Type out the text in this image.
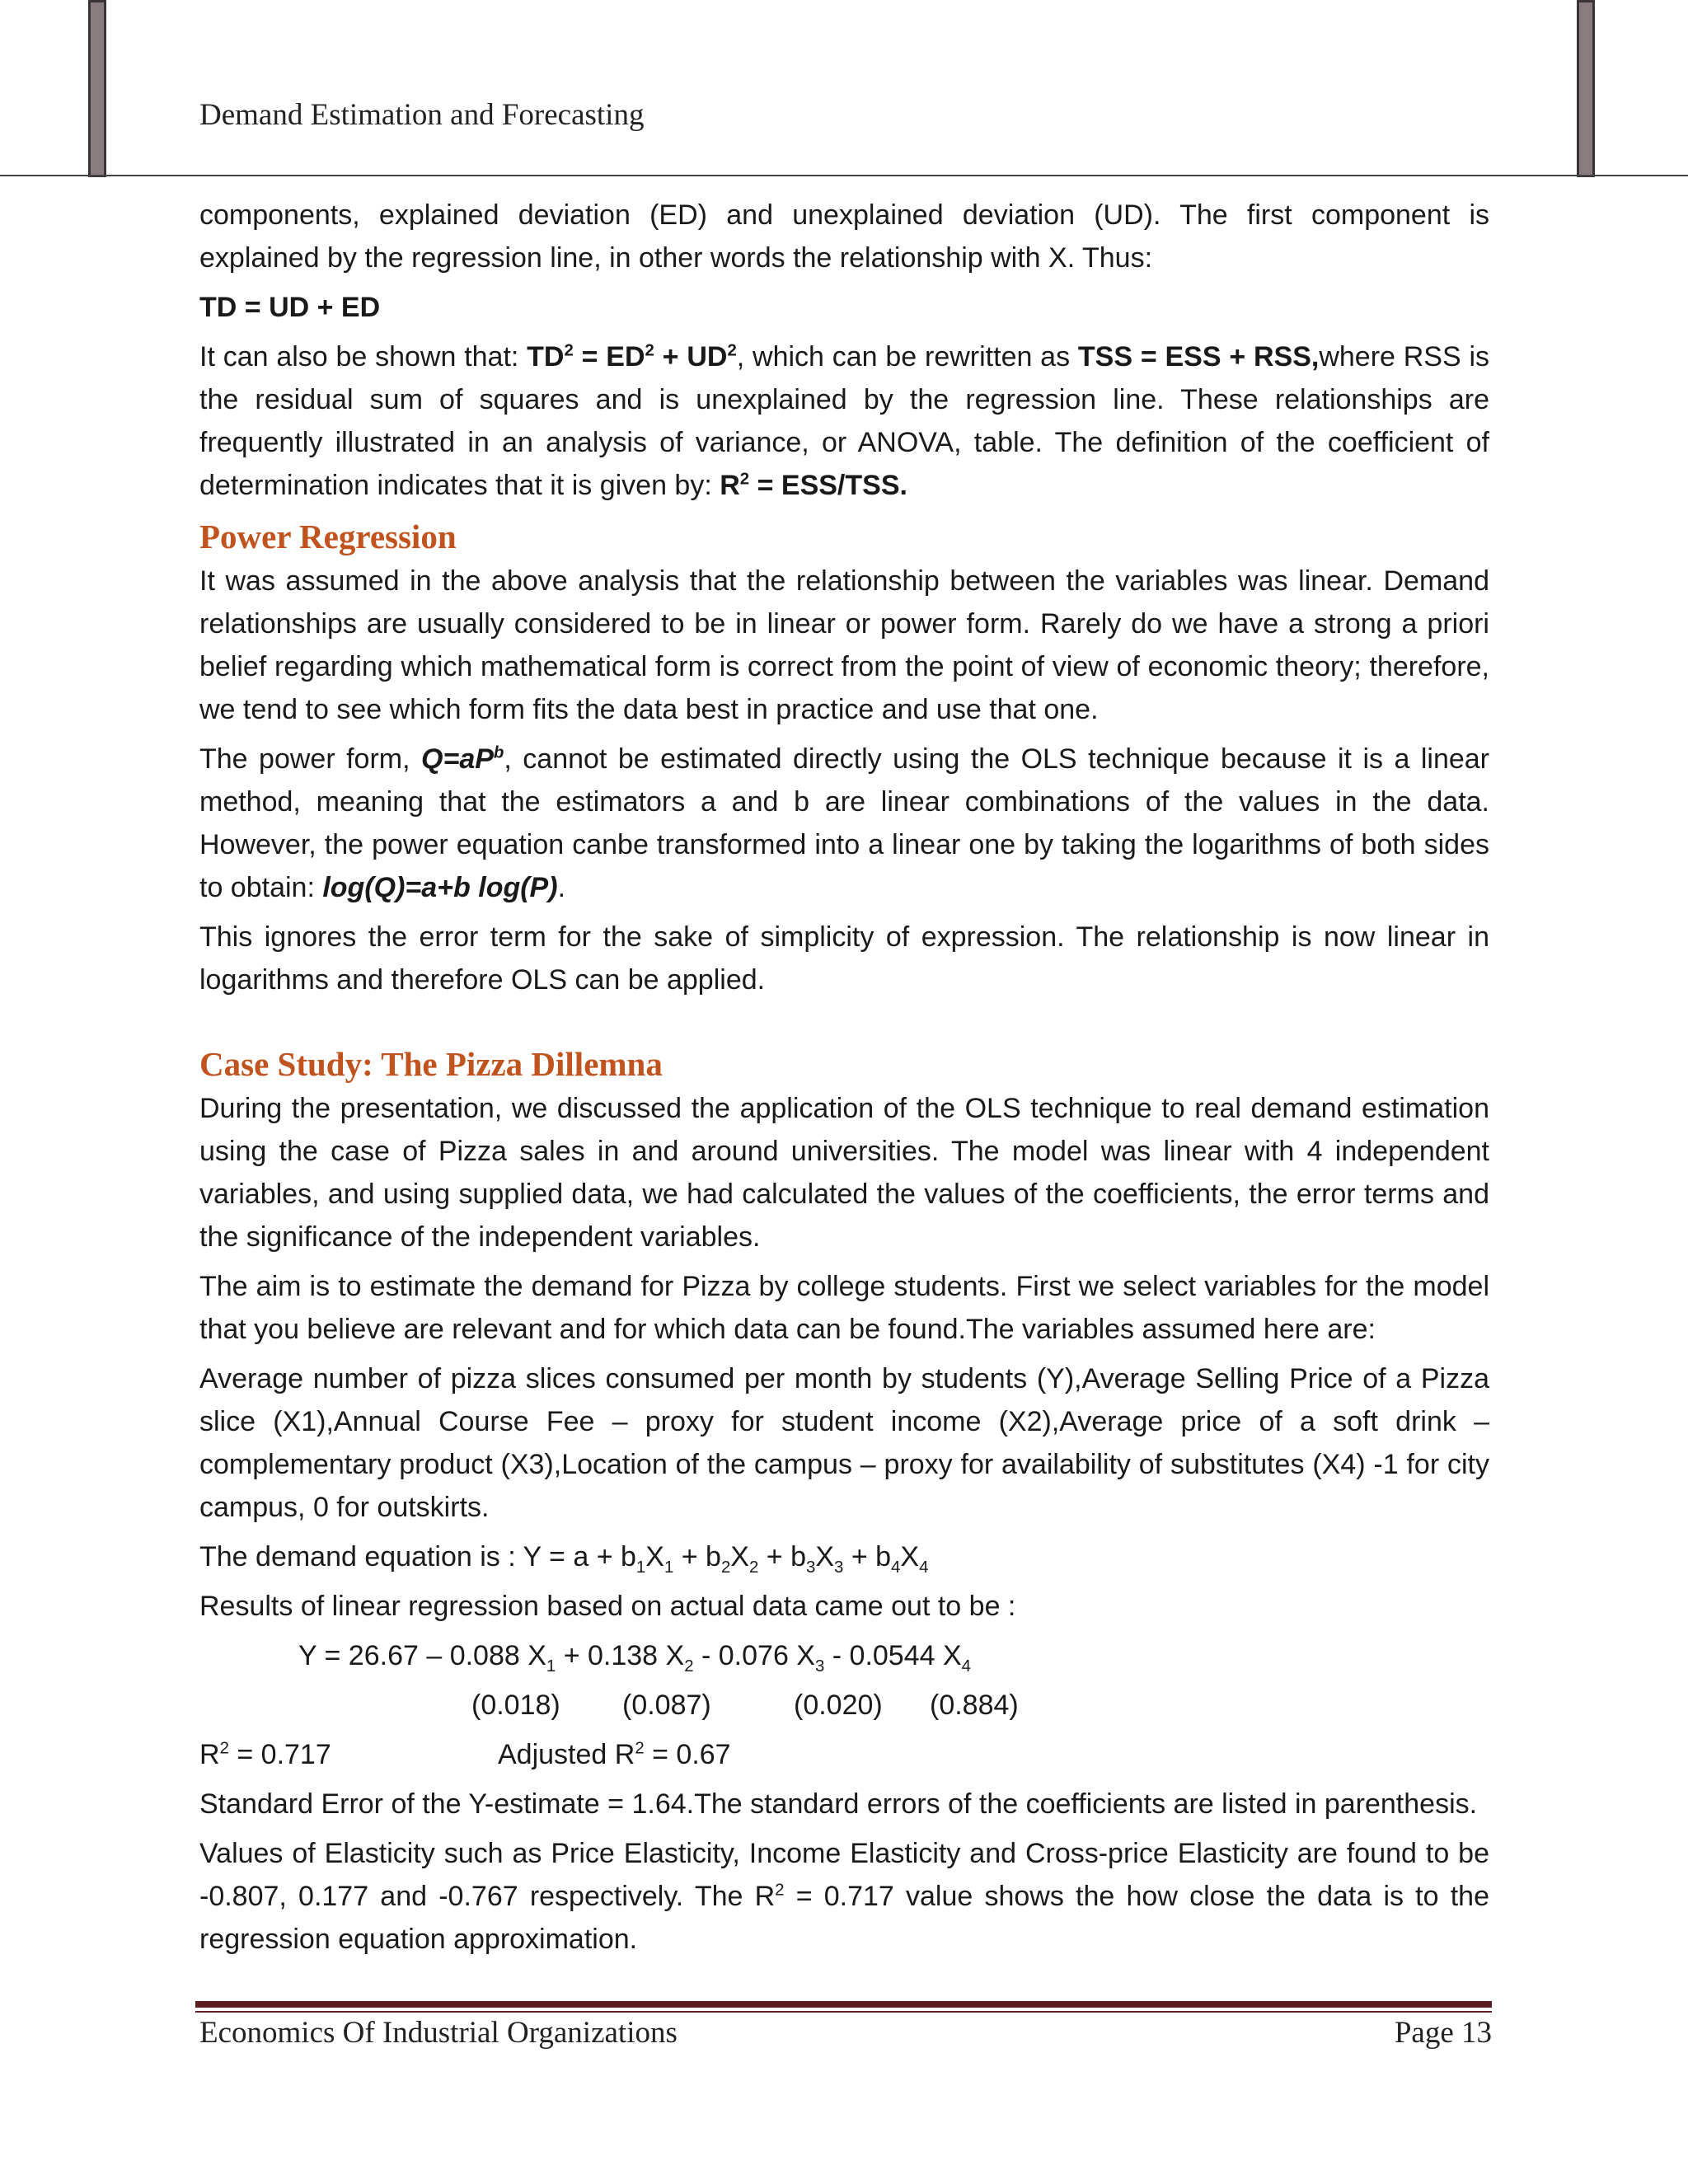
Demand Estimation and Forecasting

components, explained deviation (ED) and unexplained deviation (UD). The first component is explained by the regression line, in other words the relationship with X. Thus:

TD = UD + ED

It can also be shown that: $TD^2 = ED^2 + UD^2$, which can be rewritten as TSS = ESS + RSS,where RSS is the residual sum of squares and is unexplained by the regression line. These relationships are frequently illustrated in an analysis of variance, or ANOVA, table. The definition of the coefficient of determination indicates that it is given by: $R^2 = ESS/TSS$.

Power Regression

It was assumed in the above analysis that the relationship between the variables was linear. Demand relationships are usually considered to be in linear or power form. Rarely do we have a strong a priori belief regarding which mathematical form is correct from the point of view of economic theory; therefore, we tend to see which form fits the data best in practice and use that one.

The power form, $Q=aP^b$, cannot be estimated directly using the OLS technique because it is a linear method, meaning that the estimators a and b are linear combinations of the values in the data. However, the power equation canbe transformed into a linear one by taking the logarithms of both sides to obtain: log(Q)=a+b log(P).

This ignores the error term for the sake of simplicity of expression. The relationship is now linear in logarithms and therefore OLS can be applied.

Case Study: The Pizza Dillemna

During the presentation, we discussed the application of the OLS technique to real demand estimation using the case of Pizza sales in and around universities. The model was linear with 4 independent variables, and using supplied data, we had calculated the values of the coefficients, the error terms and the significance of the independent variables.

The aim is to estimate the demand for Pizza by college students. First we select variables for the model that you believe are relevant and for which data can be found.The variables assumed here are:

Average number of pizza slices consumed per month by students (Y),Average Selling Price of a Pizza slice (X1),Annual Course Fee – proxy for student income (X2),Average price of a soft drink – complementary product (X3),Location of the campus – proxy for availability of substitutes (X4) -1 for city campus, 0 for outskirts.

The demand equation is : $Y = a + b_1X_1 + b_2X_2 + b_3X_3 + b_4X_4$

Results of linear regression based on actual data came out to be :

Y = 26.67 – 0.088 $X_1 + 0.138$ $X_2 - 0.076$ $X_3 - 0.0544$ $X_4$

(0.018) (0.087)	(0.020) (0.884)

$R^2 = 0.717$	Adjusted $R^2 = 0.67$

Standard Error of the Y-estimate = 1.64.The standard errors of the coefficients are listed in parenthesis.

Values of Elasticity such as Price Elasticity, Income Elasticity and Cross-price Elasticity are found to be -0.807, 0.177 and -0.767 respectively. The $R^2 = 0.717$ value shows the how close the data is to the regression equation approximation.

Economics Of Industrial Organizations	Page 13
